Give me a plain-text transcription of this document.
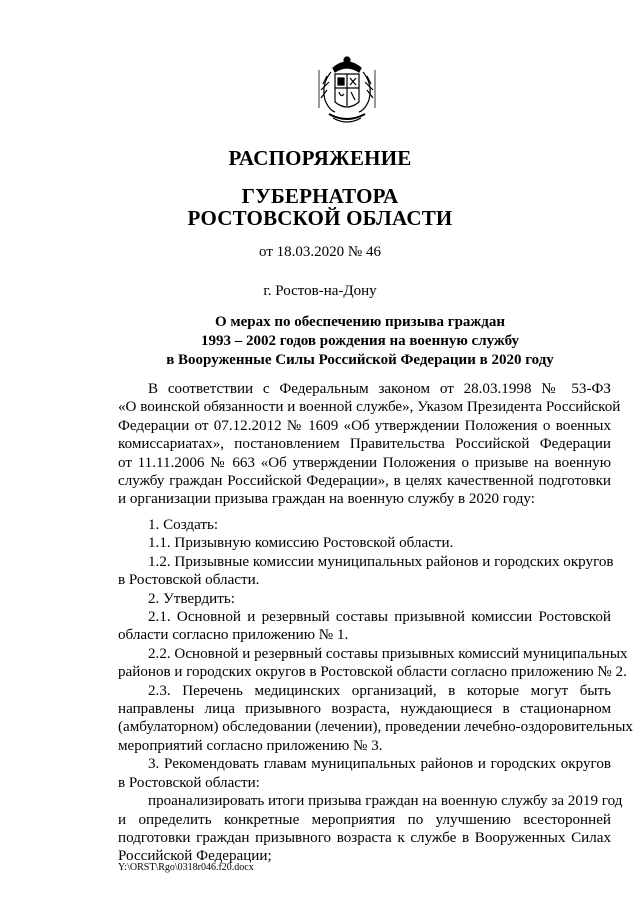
РАСПОРЯЖЕНИЕ
ГУБЕРНАТОРА
РОСТОВСКОЙ ОБЛАСТИ
от 18.03.2020 № 46
г. Ростов-на-Дону
О мерах по обеспечению призыва граждан
1993 – 2002 годов рождения на военную службу
в Вооруженные Силы Российской Федерации в 2020 году
В соответствии с Федеральным законом от 28.03.1998 № 53-ФЗ
«О воинской обязанности и военной службе», Указом Президента Российской
Федерации от 07.12.2012 № 1609 «Об утверждении Положения о военных
комиссариатах», постановлением Правительства Российской Федерации
от 11.11.2006 № 663 «Об утверждении Положения о призыве на военную
службу граждан Российской Федерации», в целях качественной подготовки
и организации призыва граждан на военную службу в 2020 году:
1. Создать:
1.1. Призывную комиссию Ростовской области.
1.2. Призывные комиссии муниципальных районов и городских округов
в Ростовской области.
2. Утвердить:
2.1. Основной и резервный составы призывной комиссии Ростовской
области согласно приложению № 1.
2.2. Основной и резервный составы призывных комиссий муниципальных
районов и городских округов в Ростовской области согласно приложению № 2.
2.3. Перечень медицинских организаций, в которые могут быть
направлены лица призывного возраста, нуждающиеся в стационарном
(амбулаторном) обследовании (лечении), проведении лечебно-оздоровительных
мероприятий согласно приложению № 3.
3. Рекомендовать главам муниципальных районов и городских округов
в Ростовской области:
проанализировать итоги призыва граждан на военную службу за 2019 год
и определить конкретные мероприятия по улучшению всесторонней
подготовки граждан призывного возраста к службе в Вооруженных Силах
Российской Федерации;
Y:\ORST\Rgo\0318r046.f20.docx
